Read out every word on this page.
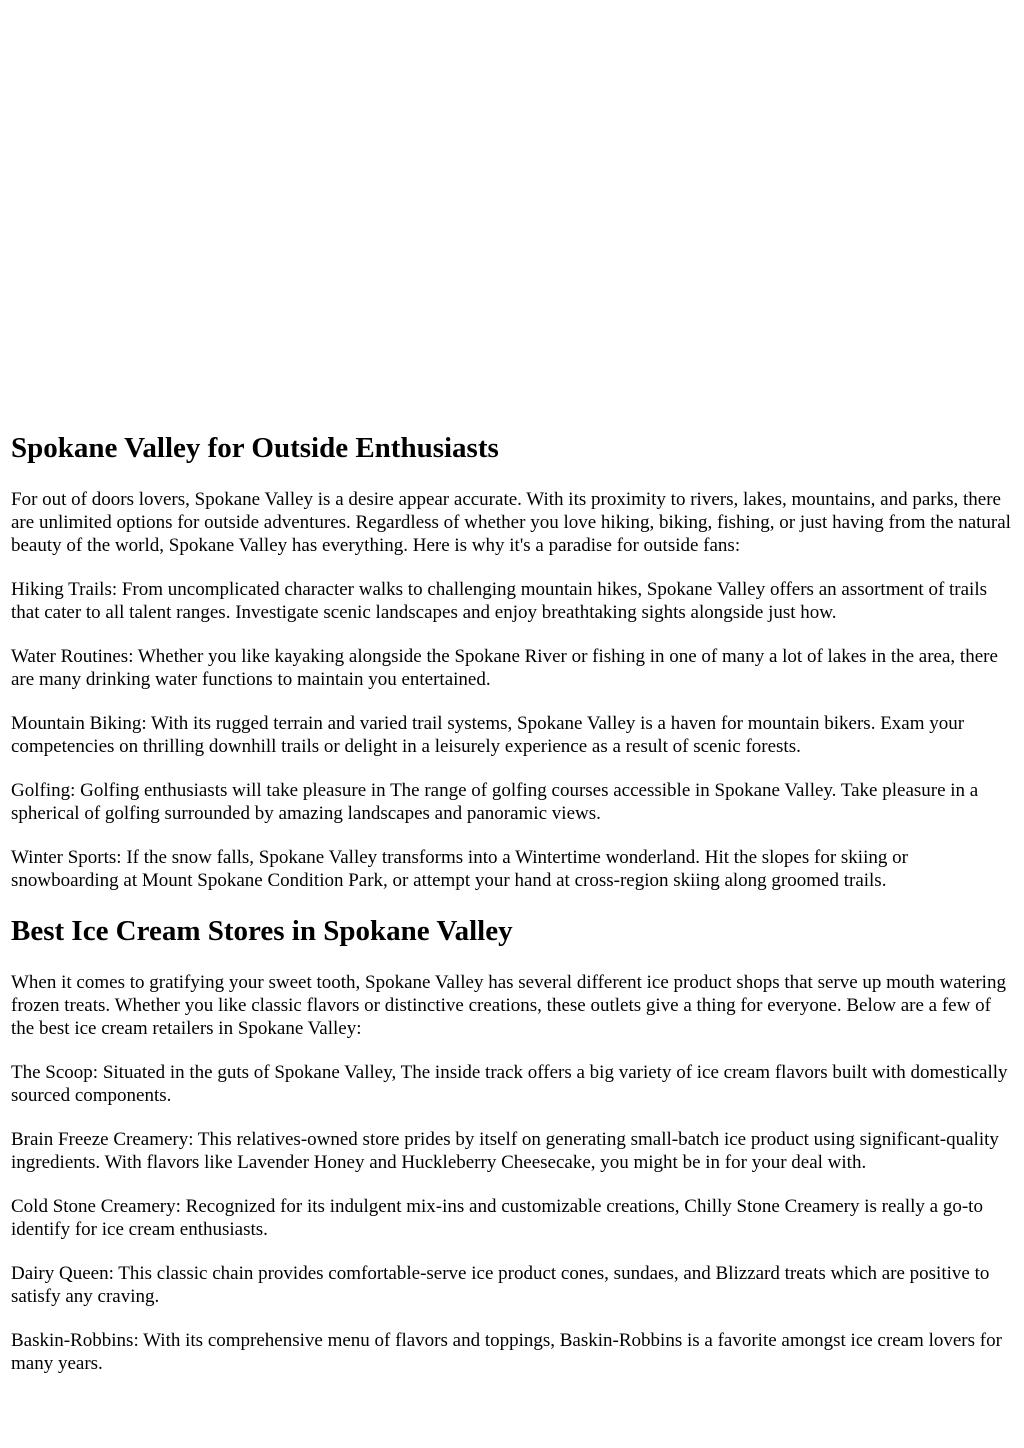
Spokane Valley for Outside Enthusiasts

For out of doors lovers, Spokane Valley is a desire appear accurate. With its proximity to rivers, lakes, mountains, and parks, there are unlimited options for outside adventures. Regardless of whether you love hiking, biking, fishing, or just having from the natural beauty of the world, Spokane Valley has everything. Here is why it's a paradise for outside fans:

Hiking Trails: From uncomplicated character walks to challenging mountain hikes, Spokane Valley offers an assortment of trails that cater to all talent ranges. Investigate scenic landscapes and enjoy breathtaking sights alongside just how.

Water Routines: Whether you like kayaking alongside the Spokane River or fishing in one of many a lot of lakes in the area, there are many drinking water functions to maintain you entertained.

Mountain Biking: With its rugged terrain and varied trail systems, Spokane Valley is a haven for mountain bikers. Exam your competencies on thrilling downhill trails or delight in a leisurely experience as a result of scenic forests.

Golfing: Golfing enthusiasts will take pleasure in The range of golfing courses accessible in Spokane Valley. Take pleasure in a spherical of golfing surrounded by amazing landscapes and panoramic views.

Winter Sports: If the snow falls, Spokane Valley transforms into a Wintertime wonderland. Hit the slopes for skiing or snowboarding at Mount Spokane Condition Park, or attempt your hand at cross-region skiing along groomed trails.

Best Ice Cream Stores in Spokane Valley

When it comes to gratifying your sweet tooth, Spokane Valley has several different ice product shops that serve up mouth watering frozen treats. Whether you like classic flavors or distinctive creations, these outlets give a thing for everyone. Below are a few of the best ice cream retailers in Spokane Valley:

The Scoop: Situated in the guts of Spokane Valley, The inside track offers a big variety of ice cream flavors built with domestically sourced components.

Brain Freeze Creamery: This relatives-owned store prides by itself on generating small-batch ice product using significant-quality ingredients. With flavors like Lavender Honey and Huckleberry Cheesecake, you might be in for your deal with.

Cold Stone Creamery: Recognized for its indulgent mix-ins and customizable creations, Chilly Stone Creamery is really a go-to identify for ice cream enthusiasts.

Dairy Queen: This classic chain provides comfortable-serve ice product cones, sundaes, and Blizzard treats which are positive to satisfy any craving.

Baskin-Robbins: With its comprehensive menu of flavors and toppings, Baskin-Robbins is a favorite amongst ice cream lovers for many years.
